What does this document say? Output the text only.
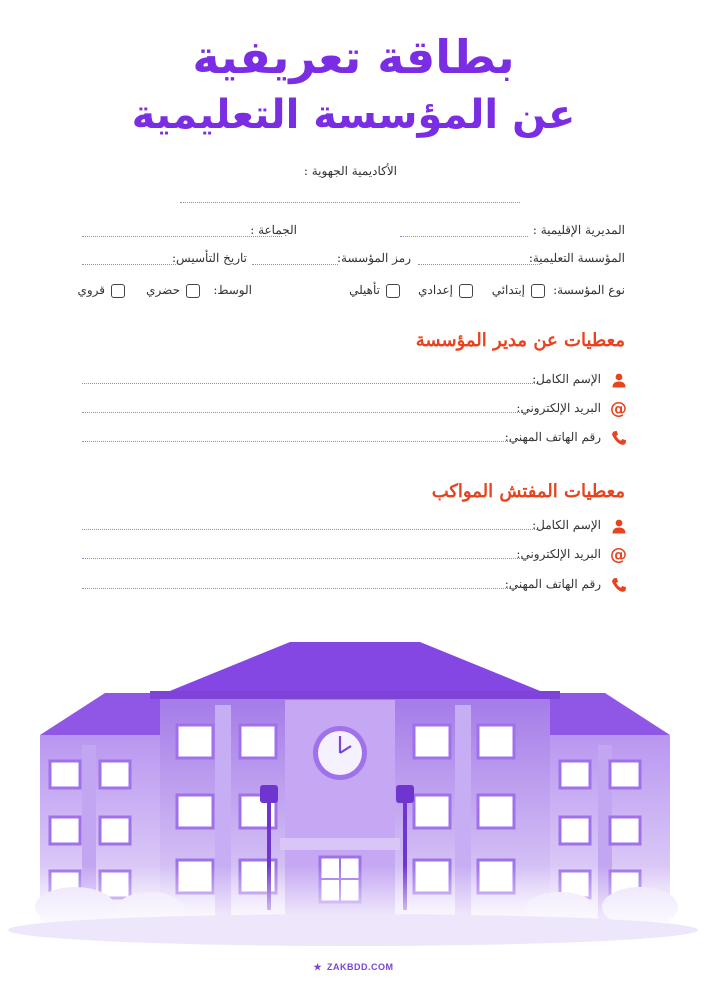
بطاقة تعريفية
عن المؤسسة التعليمية
الأكاديمية الجهوية :
المديرية الإقليمية :
الجماعة :
المؤسسة التعليمية:
رمز المؤسسة:
تاريخ التأسيس:
نوع المؤسسة:
إبتدائي
إعدادي
تأهيلي
الوسط:
حضري
قروي
معطيات عن مدير المؤسسة
الإسم الكامل:
@
البريد الإلكتروني:
رقم الهاتف المهني:
معطيات المفتش المواكب
الإسم الكامل:
@
البريد الإلكتروني:
رقم الهاتف المهني:
★ ZAKBDD.COM
